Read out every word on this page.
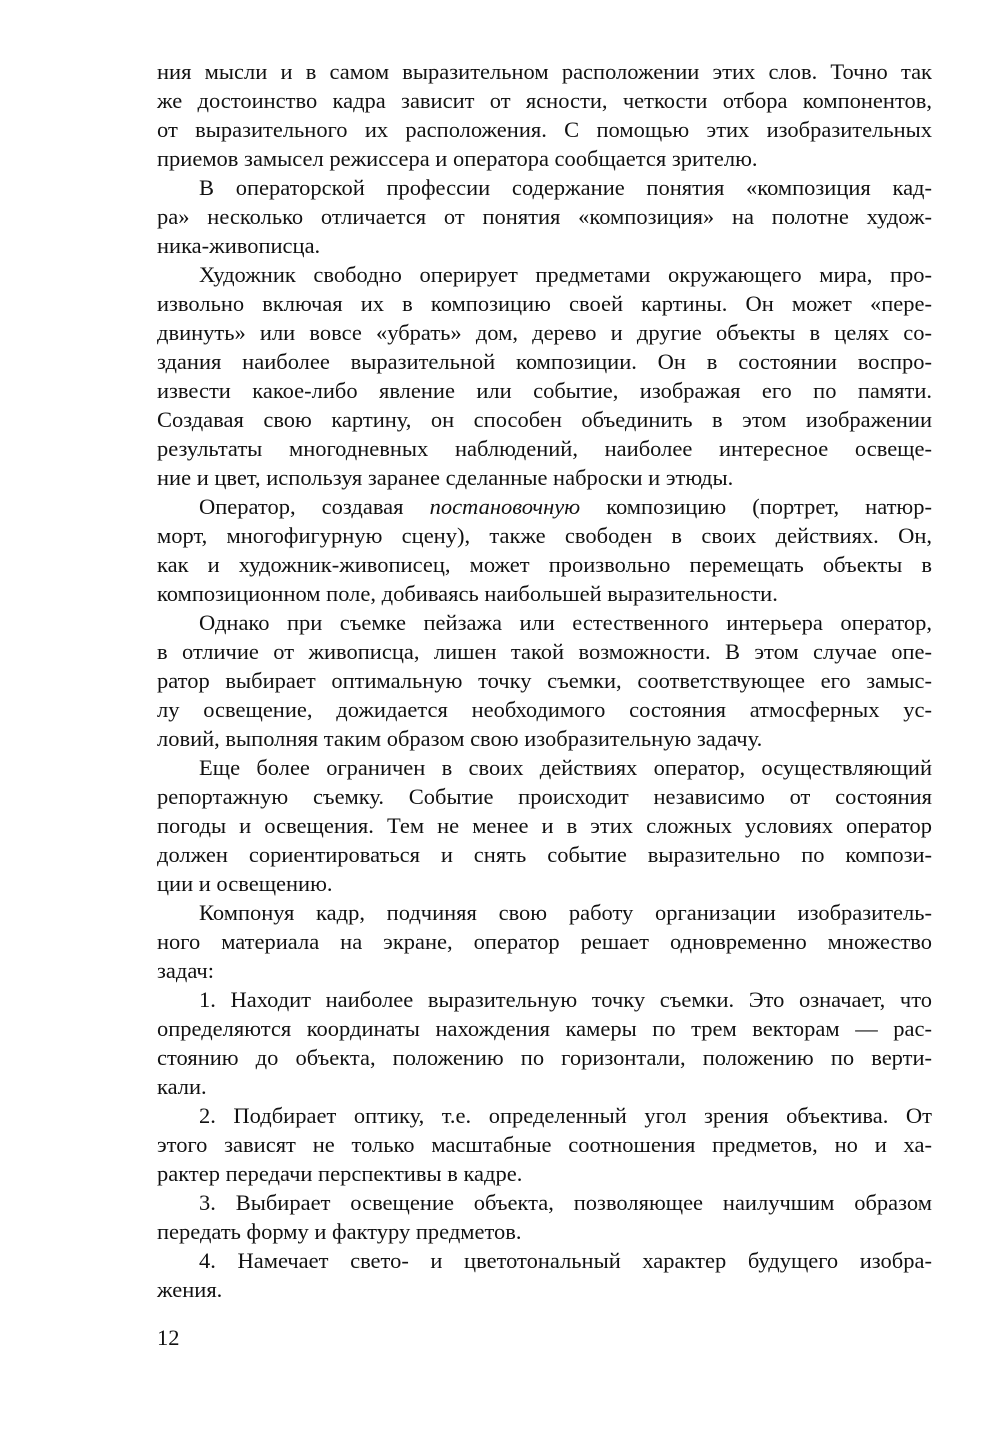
ния мысли и в самом выразительном расположении этих слов. Точно так
же достоинство кадра зависит от ясности, четкости отбора компонентов,
от выразительного их расположения. С помощью этих изобразительных
приемов замысел режиссера и оператора сообщается зрителю.
В операторской профессии содержание понятия «композиция кад-
ра» несколько отличается от понятия «композиция» на полотне худож-
ника-живописца.
Художник свободно оперирует предметами окружающего мира, про-
извольно включая их в композицию своей картины. Он может «пере-
двинуть» или вовсе «убрать» дом, дерево и другие объекты в целях со-
здания наиболее выразительной композиции. Он в состоянии воспро-
извести какое-либо явление или событие, изображая его по памяти.
Создавая свою картину, он способен объединить в этом изображении
результаты многодневных наблюдений, наиболее интересное освеще-
ние и цвет, используя заранее сделанные наброски и этюды.
Оператор, создавая постановочную композицию (портрет, натюр-
морт, многофигурную сцену), также свободен в своих действиях. Он,
как и художник-живописец, может произвольно перемещать объекты в
композиционном поле, добиваясь наибольшей выразительности.
Однако при съемке пейзажа или естественного интерьера оператор,
в отличие от живописца, лишен такой возможности. В этом случае опе-
ратор выбирает оптимальную точку съемки, соответствующее его замыс-
лу освещение, дожидается необходимого состояния атмосферных ус-
ловий, выполняя таким образом свою изобразительную задачу.
Еще более ограничен в своих действиях оператор, осуществляющий
репортажную съемку. Событие происходит независимо от состояния
погоды и освещения. Тем не менее и в этих сложных условиях оператор
должен сориентироваться и снять событие выразительно по компози-
ции и освещению.
Компонуя кадр, подчиняя свою работу организации изобразитель-
ного материала на экране, оператор решает одновременно множество
задач:
1. Находит наиболее выразительную точку съемки. Это означает, что
определяются координаты нахождения камеры по трем векторам — рас-
стоянию до объекта, положению по горизонтали, положению по верти-
кали.
2. Подбирает оптику, т.е. определенный угол зрения объектива. От
этого зависят не только масштабные соотношения предметов, но и ха-
рактер передачи перспективы в кадре.
3. Выбирает освещение объекта, позволяющее наилучшим образом
передать форму и фактуру предметов.
4. Намечает свето- и цветотональный характер будущего изобра-
жения.
12
